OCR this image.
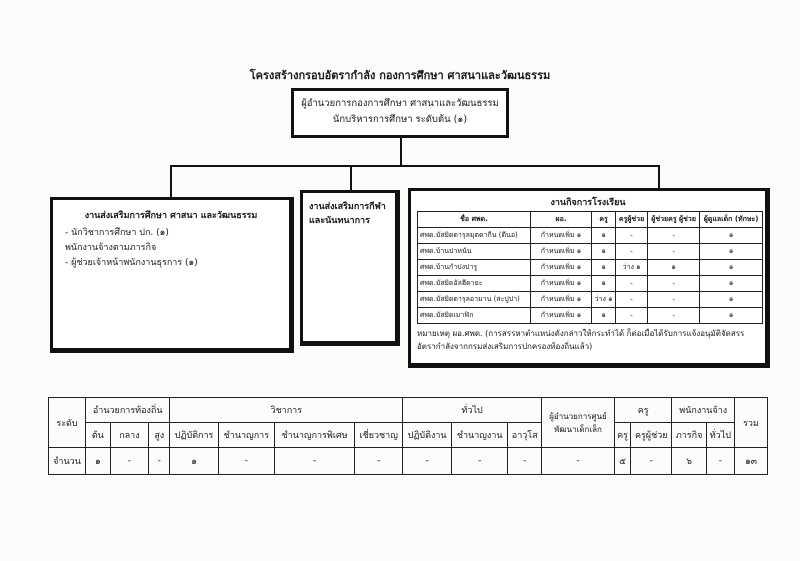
โครงสร้างกรอบอัตรากำลัง กองการศึกษา ศาสนาและวัฒนธรรม
ผู้อำนวยการกองการศึกษา ศาสนาและวัฒนธรรม
นักบริหารการศึกษา ระดับต้น (๑)
งานส่งเสริมการศึกษา ศาสนา และวัฒนธรรม
- นักวิชาการศึกษา ปก. (๑)
พนักงานจ้างตามภารกิจ
- ผู้ช่วยเจ้าหน้าพนักงานธุรการ (๑)
งานส่งเสริมการกีฬา
และนันทนาการ
งานกิจการโรงเรียน
ชื่อ ศพด.	ผอ.	ครู	ครูผู้ช่วย	ผู้ช่วยครู ผู้ช่วย	ผู้ดูแลเด็ก (ทักษะ)
ศพด.มัสยิดดารุลมุตตากีน (ตีนอ)	กำหนดเพิ่ม ๑	๑	-	-	๑
ศพด.บ้านปาหนัน	กำหนดเพิ่ม ๑	๑	-	-	๑
ศพด.บ้านกำปงปารู	กำหนดเพิ่ม ๑	๑	ว่าง ๑	๑	๑
ศพด.มัสยิดอัลฮีดายะ	กำหนดเพิ่ม ๑	๑	-	-	๑
ศพด.มัสยิดดารุลอามาน (สะปูปา)	กำหนดเพิ่ม ๑	ว่าง ๑	-	-	๑
ศพด.มัสยิดเมาฟิก	กำหนดเพิ่ม ๑	๑	-	-	๑
หมายเหตุ ผอ.ศพด. (การสรรหาตำแหน่งดังกล่าวให้กระทำได้ ก็ต่อเมื่อได้รับการแจ้งอนุมัติจัดสรร
อัตรากำลังจากกรมส่งเสริมการปกครองท้องถิ่นแล้ว)
ระดับ	อำนวยการท้องถิ่น			วิชาการ				ทั่วไป			ผู้อำนวยการศูนย์พัฒนาเด็กเล็ก	ครู		พนักงานจ้าง		รวม
	ต้น	กลาง	สูง	ปฏิบัติการ	ชำนาญการ	ชำนาญการพิเศษ	เชี่ยวชาญ	ปฏิบัติงาน	ชำนาญงาน	อาวุโส		ครู	ครูผู้ช่วย	ภารกิจ	ทั่วไป	
จำนวน	๑	-	-	๑	-	-	-	-	-	-	-	๕	-	๖	-	๑๓
